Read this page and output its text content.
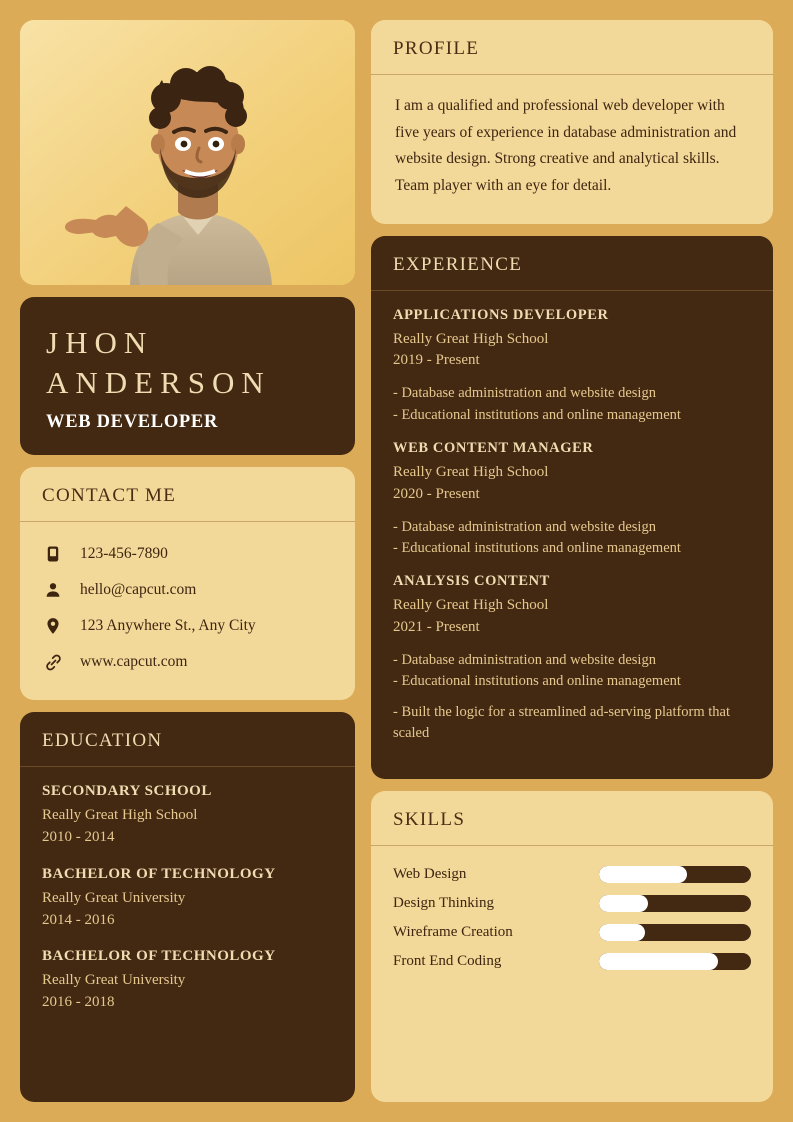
JHON
ANDERSON
WEB DEVELOPER
CONTACT ME
123-456-7890
hello@capcut.com
123 Anywhere St., Any City
www.capcut.com
EDUCATION
SECONDARY SCHOOL
Really Great High School
2010 - 2014
BACHELOR OF TECHNOLOGY
Really Great University
2014 - 2016
BACHELOR OF TECHNOLOGY
Really Great University
2016 - 2018
PROFILE
I am a qualified and professional web developer with five years of experience in database administration and website design. Strong creative and analytical skills. Team player with an eye for detail.
EXPERIENCE
APPLICATIONS DEVELOPER
Really Great High School
2019 - Present
- Database administration and website design
- Educational institutions and online management
WEB CONTENT MANAGER
Really Great High School
2020 - Present
- Database administration and website design
- Educational institutions and online management
ANALYSIS CONTENT
Really Great High School
2021 - Present
- Database administration and website design
- Educational institutions and online management
- Built the logic for a streamlined ad-serving platform that scaled
SKILLS
Web Design
Design Thinking
Wireframe Creation
Front End Coding
